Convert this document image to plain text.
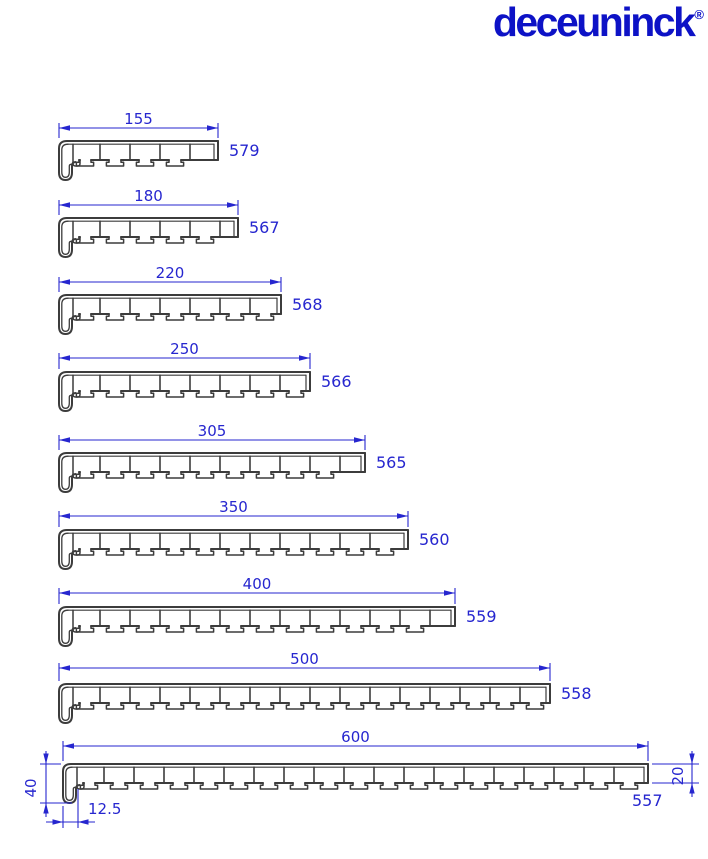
deceuninck®
155
579
180
567
220
568
250
566
305
565
350
560
400
559
500
558
600
557
40
12.5
20
